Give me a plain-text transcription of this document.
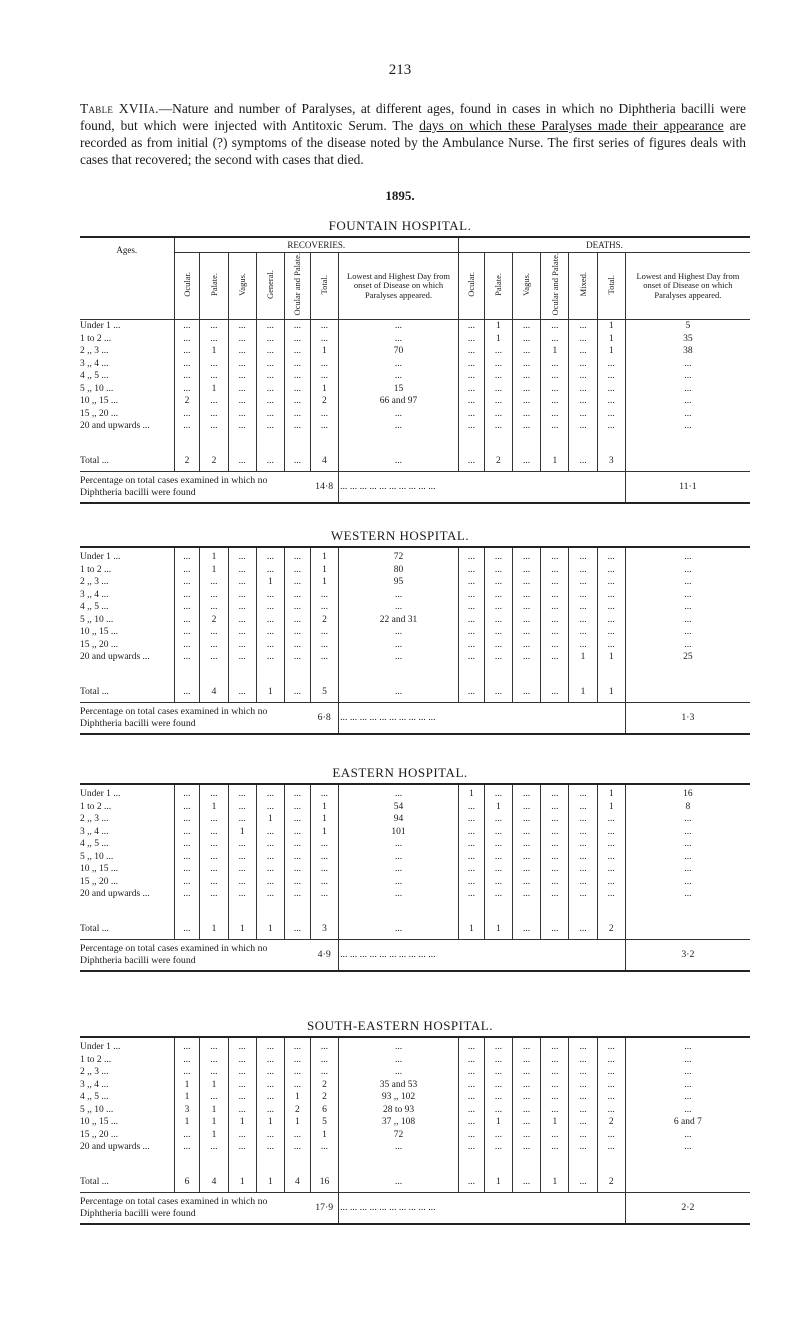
213
Table XVIIa.—Nature and number of Paralyses, at different ages, found in cases in which no Diphtheria bacilli were found, but which were injected with Antitoxic Serum. The days on which these Paralyses made their appearance are recorded as from initial (?) symptoms of the disease noted by the Ambulance Nurse. The first series of figures deals with cases that recovered; the second with cases that died.
1895.
FOUNTAIN HOSPITAL.
Ages.	RECOVERIES.							DEATHS.						
	Ocular.	Palate.	Vagus.	General.	Ocular and Palate.	Total.	Lowest and Highest Day from onset of Disease on which Paralyses appeared.	Ocular.	Palate.	Vagus.	Ocular and Palate.	Mixed.	Total.	Lowest and Highest Day from onset of Disease on which Paralyses appeared.
Under 1 ...	...	...	...	...	...	...	...	...	1	...	...	...	1	5
1 to 2 ...	...	...	...	...	...	...	...	...	1	...	...	...	1	35
2 ,, 3 ...	...	1	...	...	...	1	70	...	...	...	1	...	1	38
3 ,, 4 ...	...	...	...	...	...	...	...	...	...	...	...	...	...	...
4 ,, 5 ...	...	...	...	...	...	...	...	...	...	...	...	...	...	...
5 ,, 10 ...	...	1	...	...	...	1	15	...	...	...	...	...	...	...
10 ,, 15 ...	2	...	...	...	...	2	66 and 97	...	...	...	...	...	...	...
15 ,, 20 ...	...	...	...	...	...	...	...	...	...	...	...	...	...	...
20 and upwards ...	...	...	...	...	...	...	...	...	...	...	...	...	...	...

Total ...	2	2	...	...	...	4	...	...	2	...	1	...	3	
Percentage on total cases examined in which no Diphtheria bacilli were found						14·8	... ... ... ... ... ... ... ... ... ...							11·1
WESTERN HOSPITAL.

Under 1 ...	...	1	...	...	...	1	72	...	...	...	...	...	...	...
1 to 2 ...	...	1	...	...	...	1	80	...	...	...	...	...	...	...
2 ,, 3 ...	...	...	...	1	...	1	95	...	...	...	...	...	...	...
3 ,, 4 ...	...	...	...	...	...	...	...	...	...	...	...	...	...	...
4 ,, 5 ...	...	...	...	...	...	...	...	...	...	...	...	...	...	...
5 ,, 10 ...	...	2	...	...	...	2	22 and 31	...	...	...	...	...	...	...
10 ,, 15 ...	...	...	...	...	...	...	...	...	...	...	...	...	...	...
15 ,, 20 ...	...	...	...	...	...	...	...	...	...	...	...	...	...	...
20 and upwards ...	...	...	...	...	...	...	...	...	...	...	...	1	1	25

Total ...	...	4	...	1	...	5	...	...	...	...	...	1	1	
Percentage on total cases examined in which no Diphtheria bacilli were found						6·8	... ... ... ... ... ... ... ... ... ...							1·3
EASTERN HOSPITAL.

Under 1 ...	...	...	...	...	...	...	...	1	...	...	...	...	1	16
1 to 2 ...	...	1	...	...	...	1	54	...	1	...	...	...	1	8
2 ,, 3 ...	...	...	...	1	...	1	94	...	...	...	...	...	...	...
3 ,, 4 ...	...	...	1	...	...	1	101	...	...	...	...	...	...	...
4 ,, 5 ...	...	...	...	...	...	...	...	...	...	...	...	...	...	...
5 ,, 10 ...	...	...	...	...	...	...	...	...	...	...	...	...	...	...
10 ,, 15 ...	...	...	...	...	...	...	...	...	...	...	...	...	...	...
15 ,, 20 ...	...	...	...	...	...	...	...	...	...	...	...	...	...	...
20 and upwards ...	...	...	...	...	...	...	...	...	...	...	...	...	...	...

Total ...	...	1	1	1	...	3	...	1	1	...	...	...	2	
Percentage on total cases examined in which no Diphtheria bacilli were found						4·9	... ... ... ... ... ... ... ... ... ...							3·2
SOUTH-EASTERN HOSPITAL.

Under 1 ...	...	...	...	...	...	...	...	...	...	...	...	...	...	...
1 to 2 ...	...	...	...	...	...	...	...	...	...	...	...	...	...	...
2 ,, 3 ...	...	...	...	...	...	...	...	...	...	...	...	...	...	...
3 ,, 4 ...	1	1	...	...	...	2	35 and 53	...	...	...	...	...	...	...
4 ,, 5 ...	1	...	...	...	1	2	93 ,, 102	...	...	...	...	...	...	...
5 ,, 10 ...	3	1	...	...	2	6	28 to 93	...	...	...	...	...	...	...
10 ,, 15 ...	1	1	1	1	1	5	37 ,, 108	...	1	...	1	...	2	6 and 7
15 ,, 20 ...	...	1	...	...	...	1	72	...	...	...	...	...	...	...
20 and upwards ...	...	...	...	...	...	...	...	...	...	...	...	...	...	...

Total ...	6	4	1	1	4	16	...	...	1	...	1	...	2	
Percentage on total cases examined in which no Diphtheria bacilli were found						17·9	... ... ... ... ... ... ... ... ... ...							2·2
